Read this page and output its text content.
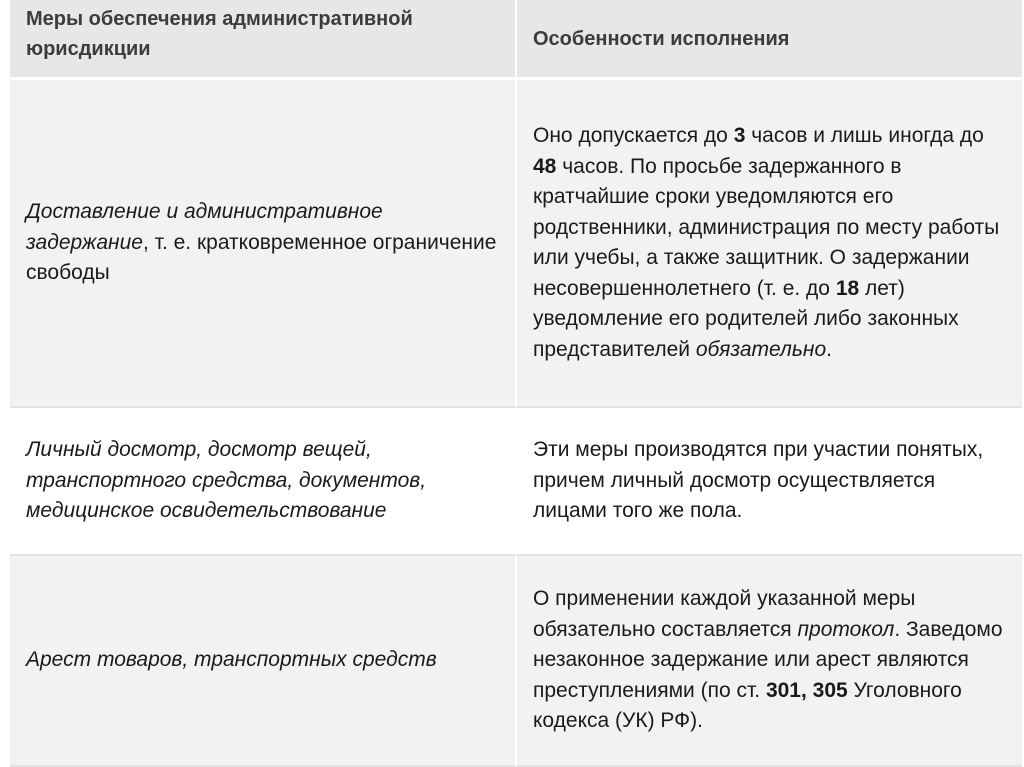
Меры обеспечения административной юрисдикции	Особенности исполнения
Доставление и административное задержание, т. е. кратковременное ограничение свободы
Оно допускается до 3 часов и лишь иногда до 48 часов. По просьбе задержанного в кратчайшие сроки уведомляются его родственники, администрация по месту работы или учебы, а также защитник. О задержании несовершеннолетнего (т. е. до 18 лет) уведомление его родителей либо законных представителей обязательно.
Личный досмотр, досмотр вещей, транспортного средства, документов, медицинское освидетельствование
Эти меры производятся при участии понятых, причем личный досмотр осуществляется лицами того же пола.
Арест товаров, транспортных средств
О применении каждой указанной меры обязательно составляется протокол. Заведомо незаконное задержание или арест являются преступлениями (по ст. 301, 305 Уголовного кодекса (УК) РФ).
